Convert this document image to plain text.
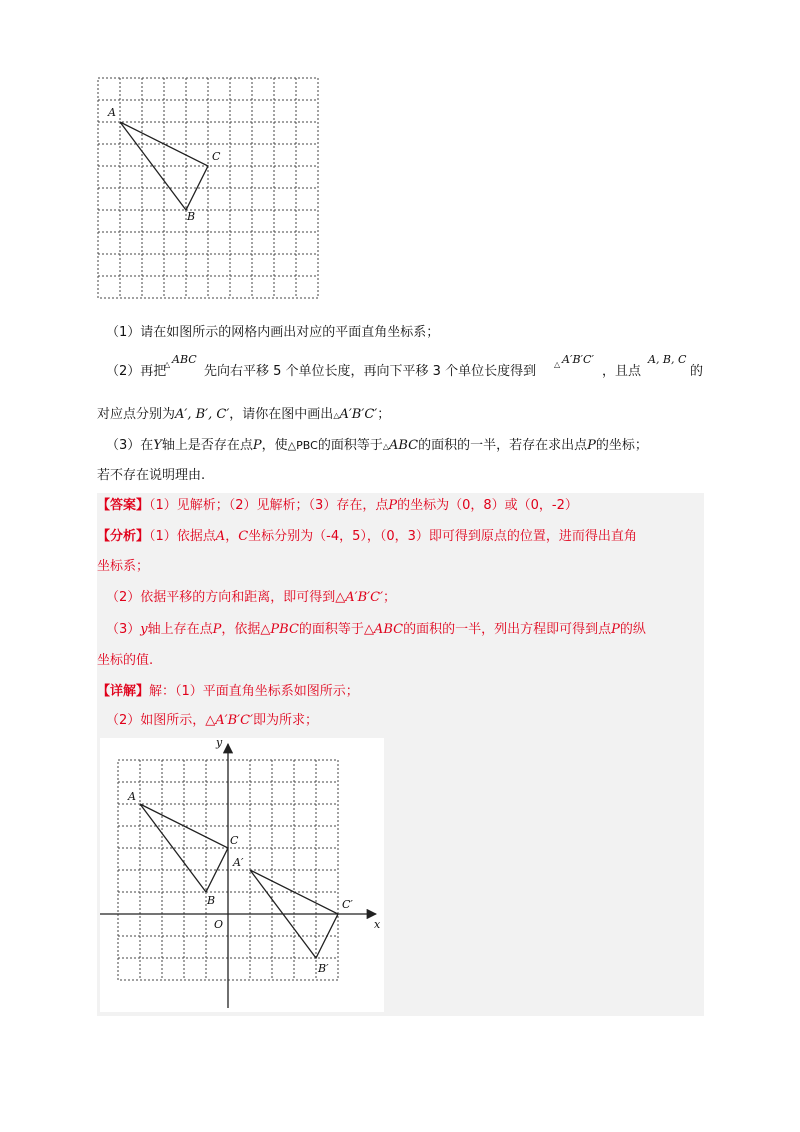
A
C
B
（1）请在如图所示的网格内画出对应的平面直角坐标系；
（2）再把
△ ABC
先向右平移 5 个单位长度，再向下平移 3 个单位长度得到 △ A′B′C′
，且点
A, B, C
的
对应点分别为A′, B′, C′，请你在图中画出△A′B′C′；
（3）在Y轴上是否存在点P，使△PBC的面积等于△ABC的面积的一半，若存在求出点P的坐标；
若不存在说明理由.
【答案】（1）见解析；（2）见解析；（3）存在，点P的坐标为（0，8）或（0，-2）
【分析】（1）依据点A，C坐标分别为（-4，5），（0，3）即可得到原点的位置，进而得出直角
坐标系；
（2）依据平移的方向和距离，即可得到△A′B′C′；
（3）y轴上存在点P，依据△PBC的面积等于△ABC的面积的一半，列出方程即可得到点P的纵
坐标的值.
【详解】解：（1）平面直角坐标系如图所示；
（2）如图所示，△A′B′C′即为所求；
y
A
C
A′
B	C′
O	x
B′
